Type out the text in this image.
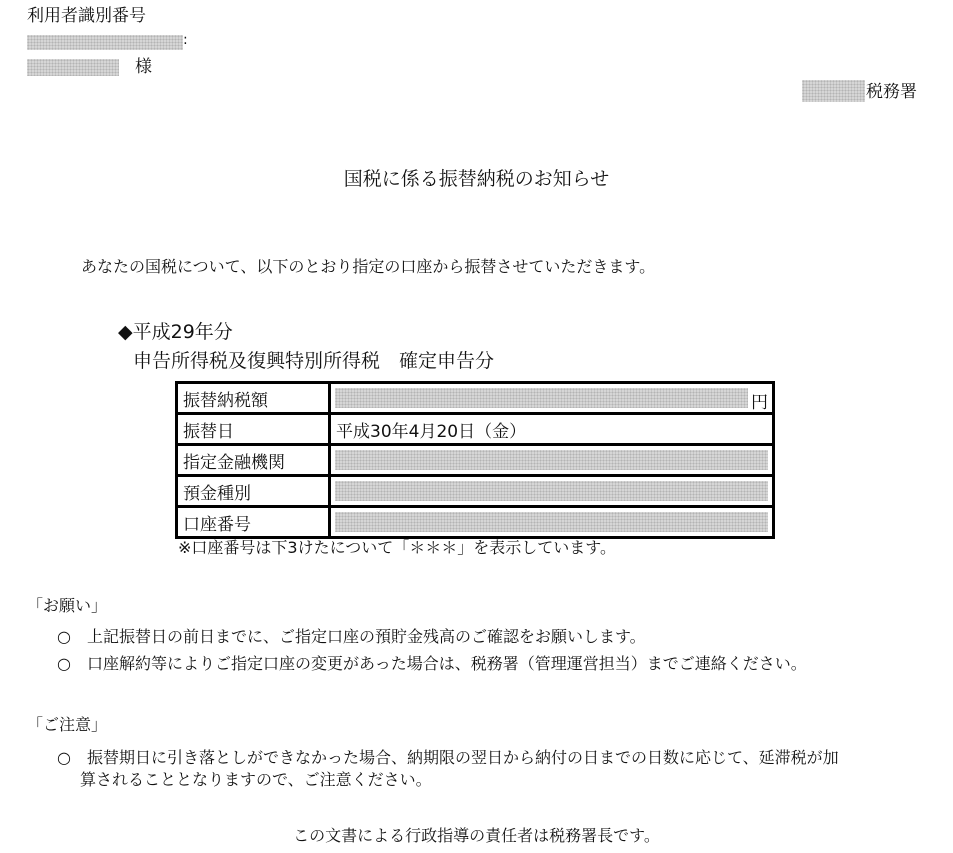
利用者識別番号
:
様
税務署
国税に係る振替納税のお知らせ
あなたの国税について、以下のとおり指定の口座から振替させていただきます。
◆平成29年分
申告所得税及復興特別所得税　確定申告分
振替納税額	円

振替日	平成30年4月20日（金）
指定金融機関	

預金種別	

口座番号	
※口座番号は下3けたについて「＊＊＊」を表示しています。
「お願い」
○　上記振替日の前日までに、ご指定口座の預貯金残高のご確認をお願いします。
○　口座解約等によりご指定口座の変更があった場合は、税務署（管理運営担当）までご連絡ください。
「ご注意」
○　振替期日に引き落としができなかった場合、納期限の翌日から納付の日までの日数に応じて、延滞税が加
算されることとなりますので、ご注意ください。
この文書による行政指導の責任者は税務署長です。
